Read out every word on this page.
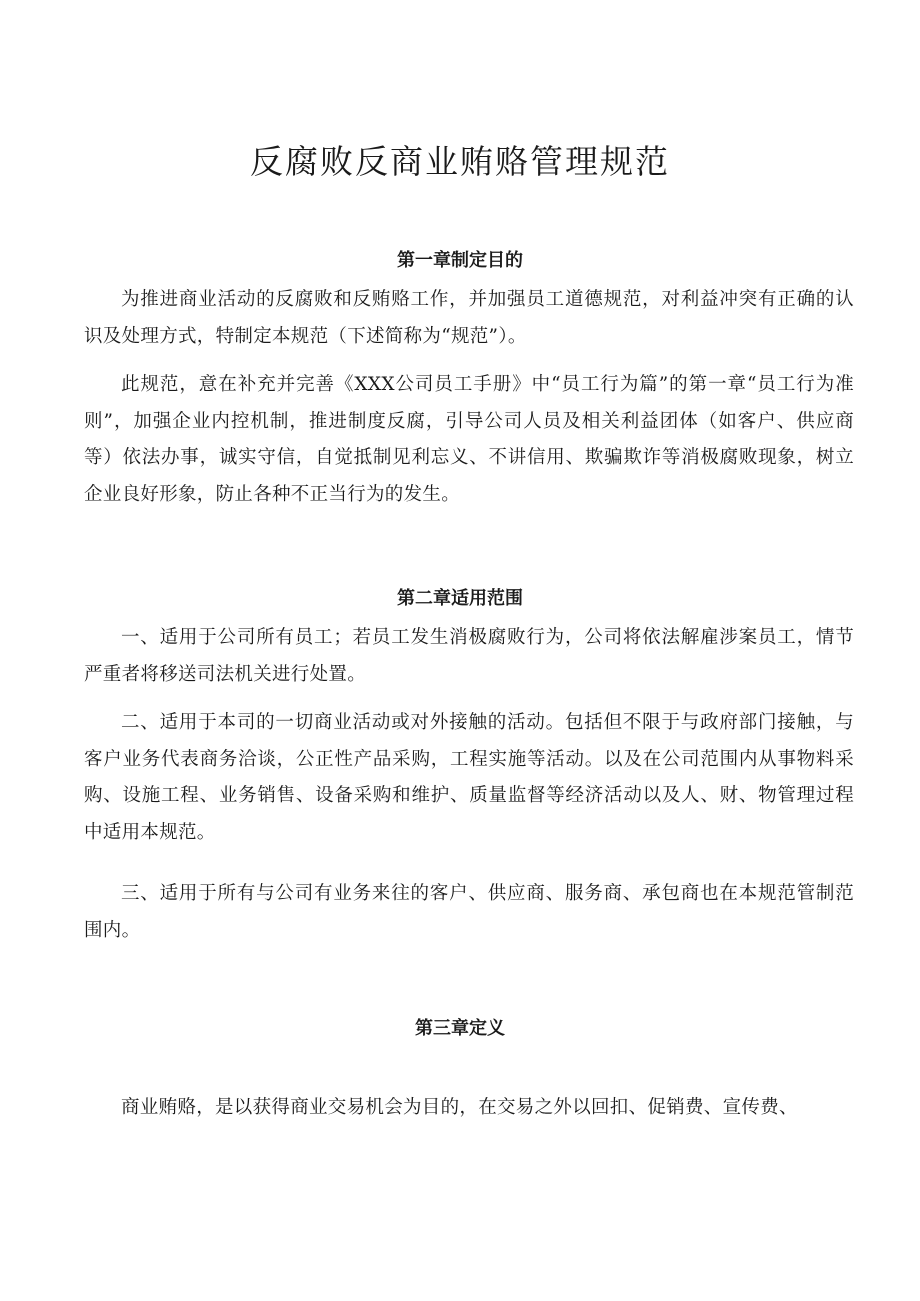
反腐败反商业贿赂管理规范
第一章制定目的

为推进商业活动的反腐败和反贿赂工作，并加强员工道德规范，对利益冲突有正确的认识及处理方式，特制定本规范（下述简称为“规范”）。

此规范，意在补充并完善《XXX公司员工手册》中“员工行为篇”的第一章“员工行为准则”，加强企业内控机制，推进制度反腐，引导公司人员及相关利益团体（如客户、供应商等）依法办事，诚实守信，自觉抵制见利忘义、不讲信用、欺骗欺诈等消极腐败现象，树立企业良好形象，防止各种不正当行为的发生。

第二章适用范围

一、适用于公司所有员工；若员工发生消极腐败行为，公司将依法解雇涉案员工，情节严重者将移送司法机关进行处置。

二、适用于本司的一切商业活动或对外接触的活动。包括但不限于与政府部门接触，与客户业务代表商务洽谈，公正性产品采购，工程实施等活动。以及在公司范围内从事物料采购、设施工程、业务销售、设备采购和维护、质量监督等经济活动以及人、财、物管理过程中适用本规范。

三、适用于所有与公司有业务来往的客户、供应商、服务商、承包商也在本规范管制范围内。

第三章定义

商业贿赂，是以获得商业交易机会为目的，在交易之外以回扣、促销费、宣传费、
